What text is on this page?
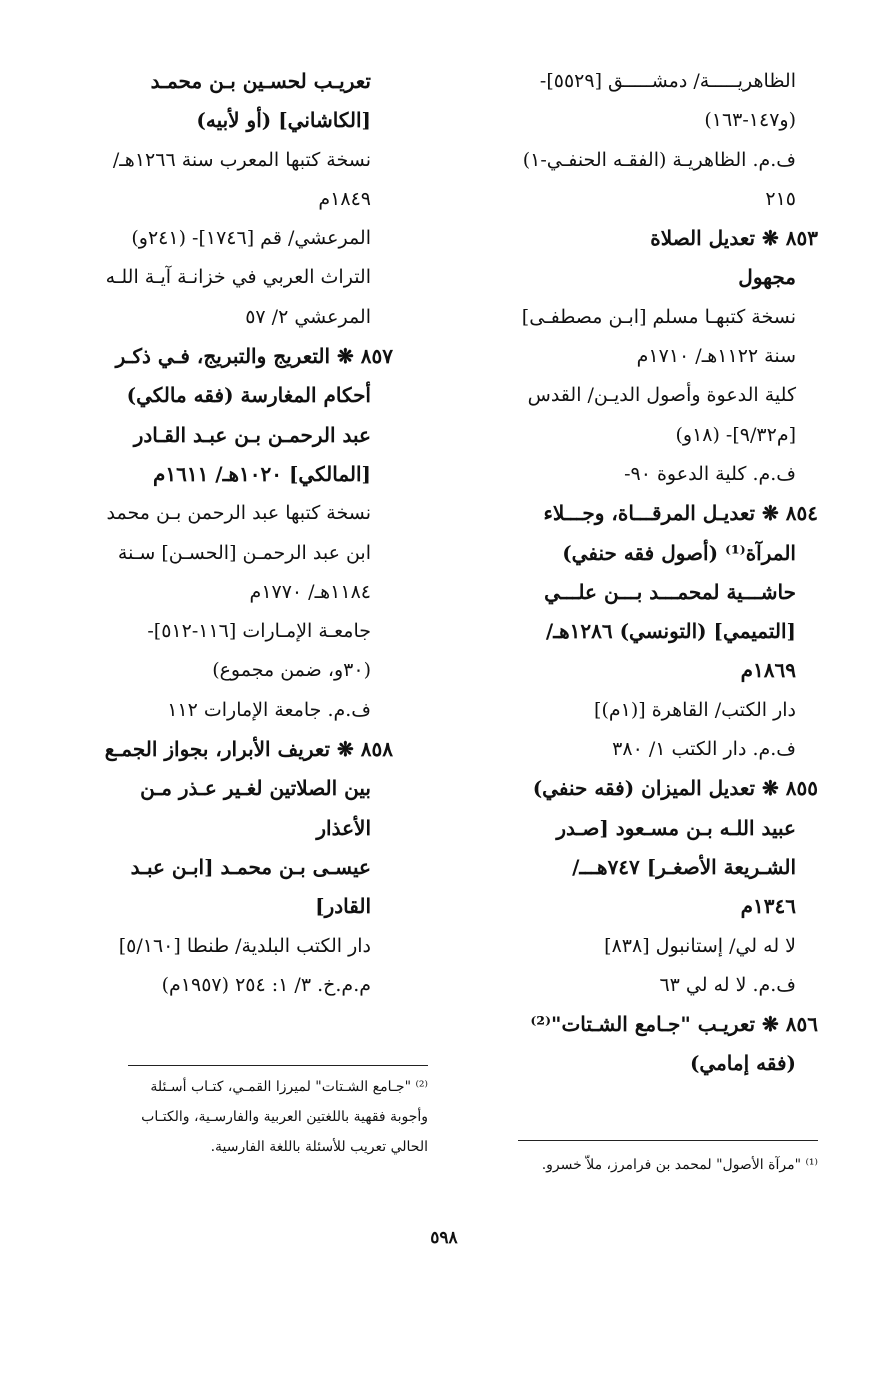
الظاهريـــــة/ دمشـــــق [٥٥٢٩]-
(و١٤٧-١٦٣)
ف.م. الظاهريـة (الفقـه الحنفـي-١)
٢١٥
٨٥٣ ❋ تعديل الصلاة
مجهول
نسخة كتبهـا مسلم [ابـن مصطفـى]
سنة ١١٢٢هـ/ ١٧١٠م
كلية الدعوة وأصول الديـن/ القدس
[م٩/٣٢]- (١٨و)
ف.م. كلية الدعوة ٩٠-
٨٥٤ ❋ تعديـل المرقـــاة، وجـــلاء
المرآة⁽¹⁾ (أصول فقه حنفي)
حاشـــية لمحمـــد بـــن علـــي
[التميمي] (التونسي) ١٢٨٦هـ/
١٨٦٩م
دار الكتب/ القاهرة [(١م)]
ف.م. دار الكتب ١/ ٣٨٠
٨٥٥ ❋ تعديل الميزان (فقه حنفي)
عبيد اللـه بـن مسـعود [صـدر
الشـريعة الأصغـر] ٧٤٧هـــ/
١٣٤٦م
لا له لي/ إستانبول [٨٣٨]
ف.م. لا له لي ٦٣
٨٥٦ ❋ تعريـب "جـامع الشـتات"⁽²⁾
(فقه إمامي)
تعريـب لحسـين بـن محمـد
[الكاشاني] (أو لأبيه)
نسخة كتبها المعرب سنة ١٢٦٦هـ/
١٨٤٩م
المرعشي/ قم [١٧٤٦]- (٢٤١و)
التراث العربي في خزانـة آيـة اللـه
المرعشي ٢/ ٥٧
٨٥٧ ❋ التعريج والتبريج، فـي ذكـر
أحكام المغارسة (فقه مالكي)
عبد الرحمـن بـن عبـد القـادر
[المالكي] ١٠٢٠هـ/ ١٦١١م
نسخة كتبها عبد الرحمن بـن محمد
ابن عبد الرحمـن [الحسـن] سـنة
١١٨٤هـ/ ١٧٧٠م
جامعـة الإمـارات [١١٦-٥١٢]-
(٣٠و، ضمن مجموع)
ف.م. جامعة الإمارات ١١٢
٨٥٨ ❋ تعريف الأبرار، بجواز الجمـع
بين الصلاتين لغـير عـذر مـن
الأعذار
عيسـى بـن محمـد [ابـن عبـد
القادر]
دار الكتب البلدية/ طنطا [٥/١٦٠]
م.م.خ. ٣/ ١: ٢٥٤ (١٩٥٧م)
⁽²⁾ "جـامع الشـتات" لميرزا القمـي، كتـاب أسـئلة
وأجوبة فقهية باللغتين العربية والفارسـية، والكتـاب
الحالي تعريب للأسئلة باللغة الفارسية.
⁽¹⁾ "مرآة الأصول" لمحمد بن فرامرز، ملاّ خسرو.
٥٩٨
